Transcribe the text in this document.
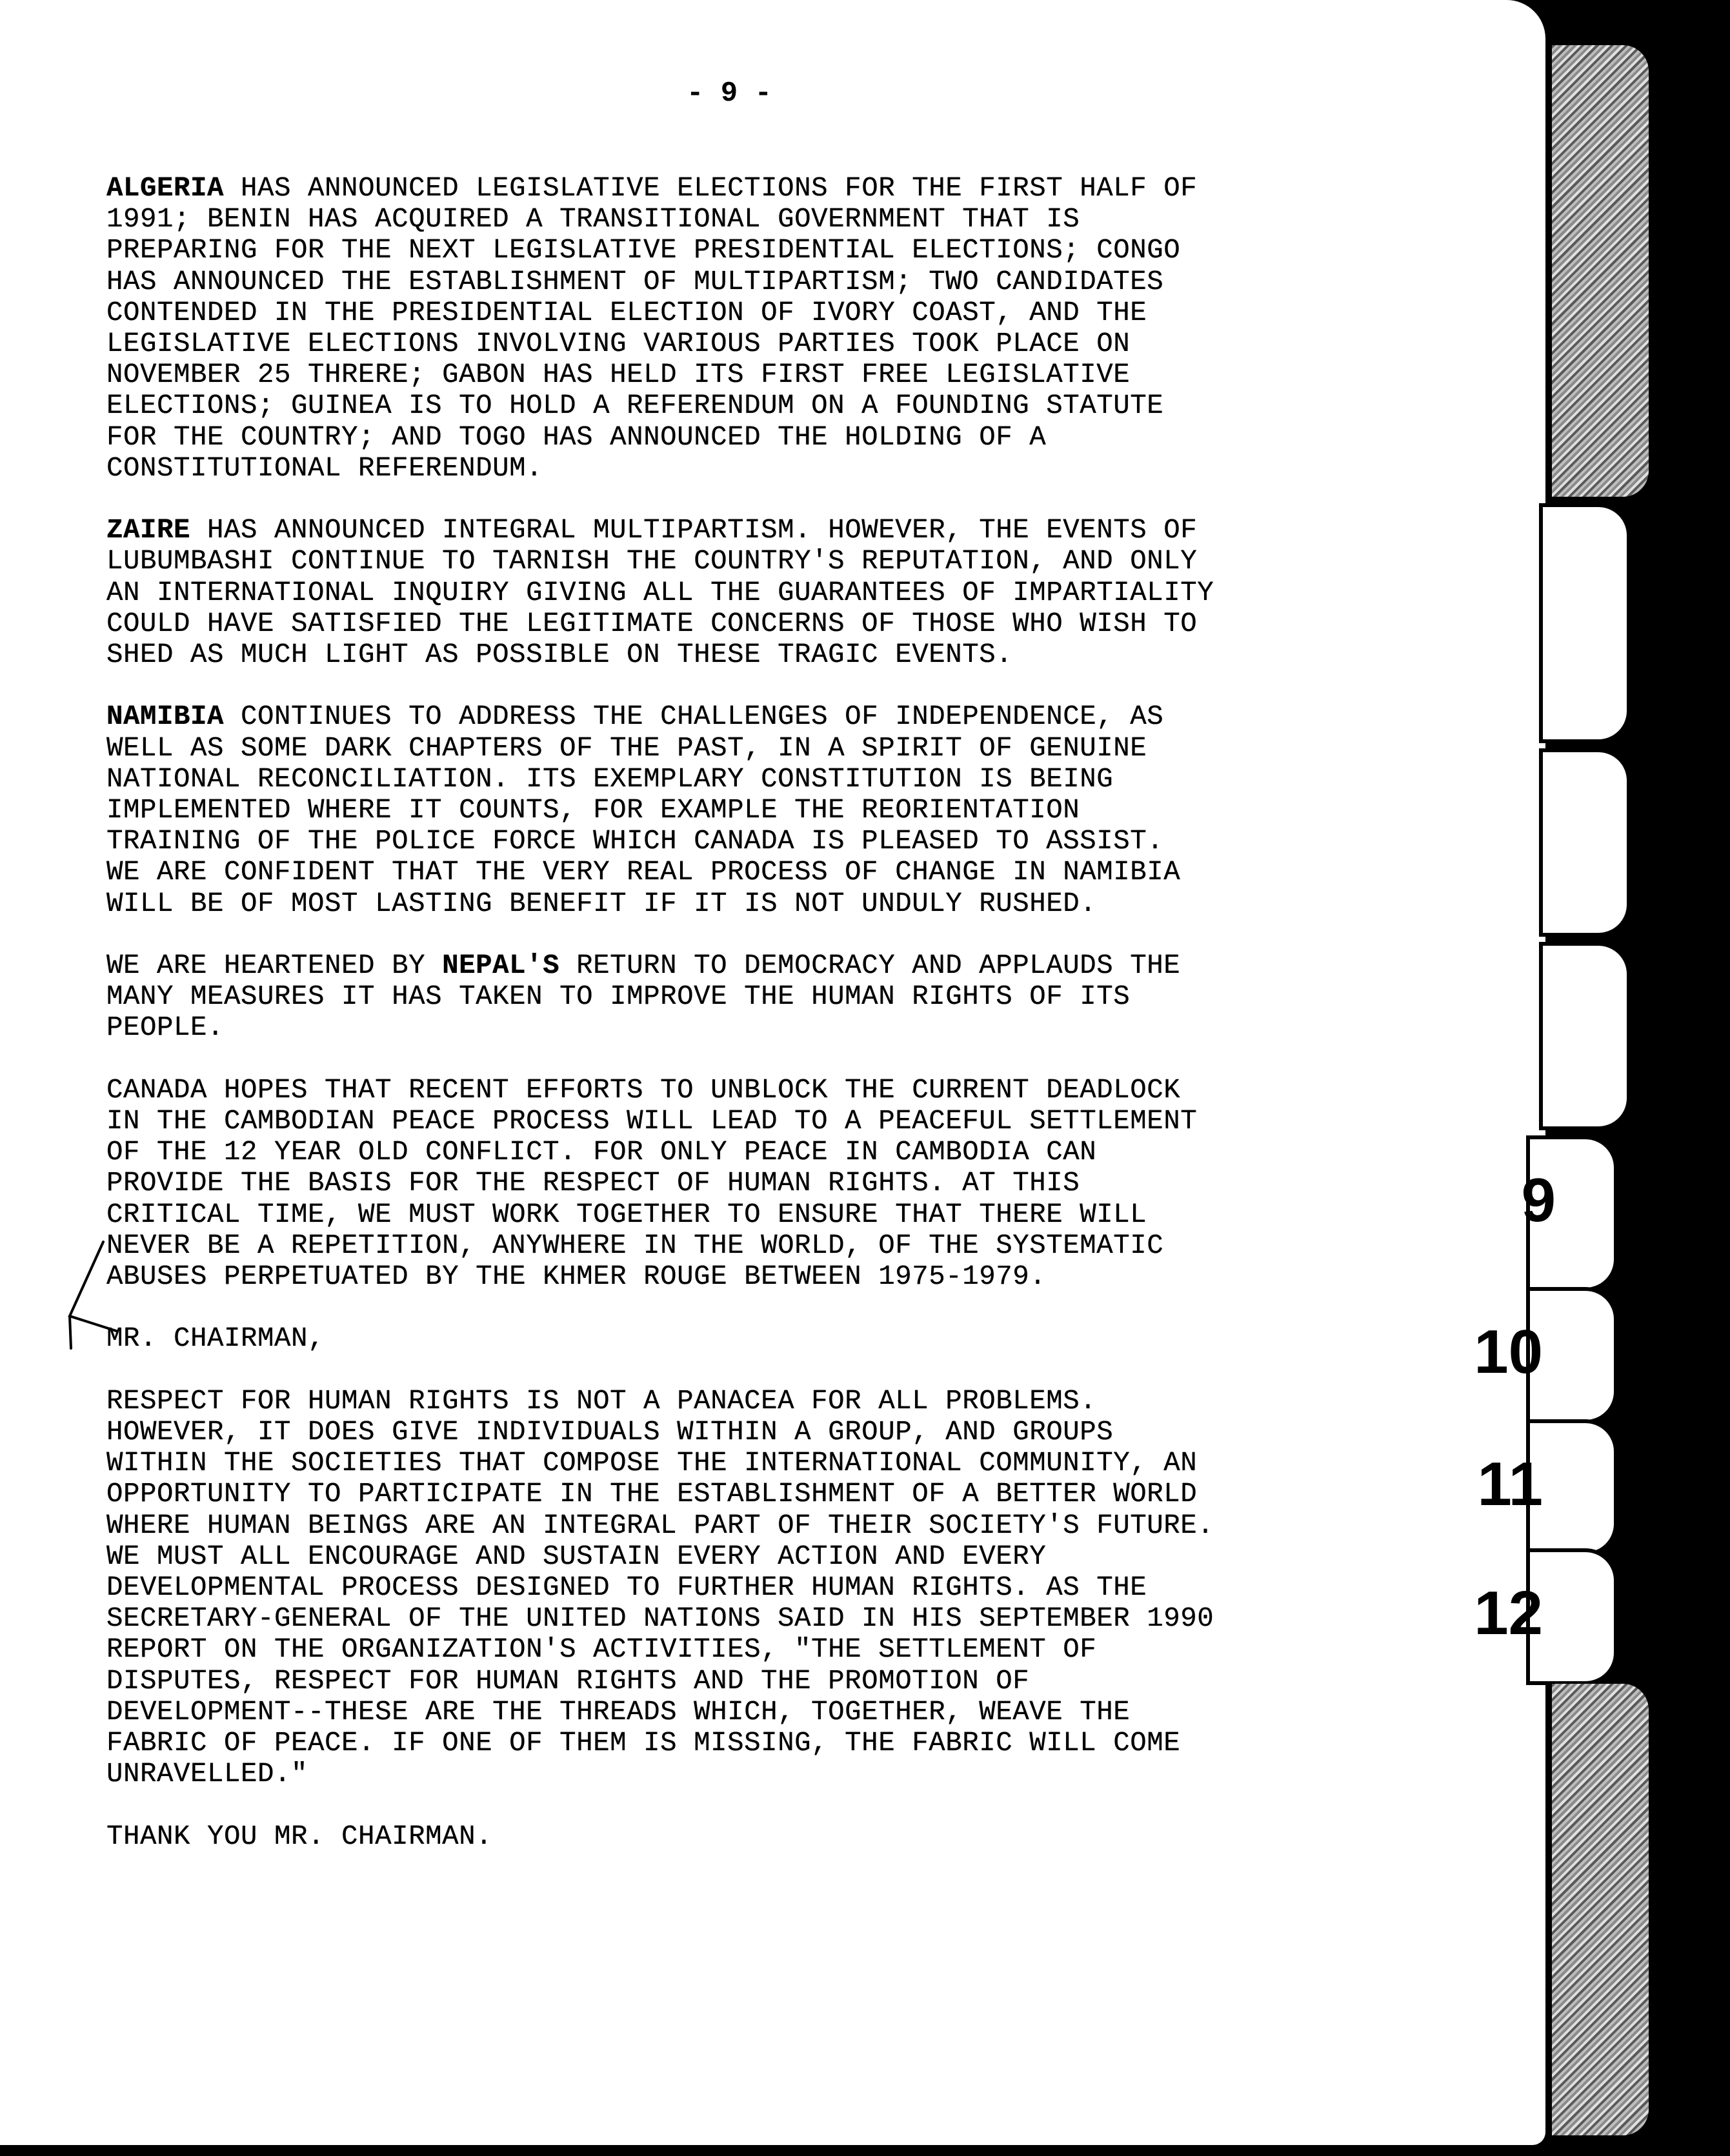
- 9 -

ALGERIA HAS ANNOUNCED LEGISLATIVE ELECTIONS FOR THE FIRST HALF OF
1991; BENIN HAS ACQUIRED A TRANSITIONAL GOVERNMENT THAT IS
PREPARING FOR THE NEXT LEGISLATIVE PRESIDENTIAL ELECTIONS; CONGO
HAS ANNOUNCED THE ESTABLISHMENT OF MULTIPARTISM; TWO CANDIDATES
CONTENDED IN THE PRESIDENTIAL ELECTION OF IVORY COAST, AND THE
LEGISLATIVE ELECTIONS INVOLVING VARIOUS PARTIES TOOK PLACE ON
NOVEMBER 25 THRERE; GABON HAS HELD ITS FIRST FREE LEGISLATIVE
ELECTIONS; GUINEA IS TO HOLD A REFERENDUM ON A FOUNDING STATUTE
FOR THE COUNTRY; AND TOGO HAS ANNOUNCED THE HOLDING OF A
CONSTITUTIONAL REFERENDUM.

ZAIRE HAS ANNOUNCED INTEGRAL MULTIPARTISM. HOWEVER, THE EVENTS OF
LUBUMBASHI CONTINUE TO TARNISH THE COUNTRY'S REPUTATION, AND ONLY
AN INTERNATIONAL INQUIRY GIVING ALL THE GUARANTEES OF IMPARTIALITY
COULD HAVE SATISFIED THE LEGITIMATE CONCERNS OF THOSE WHO WISH TO
SHED AS MUCH LIGHT AS POSSIBLE ON THESE TRAGIC EVENTS.

NAMIBIA CONTINUES TO ADDRESS THE CHALLENGES OF INDEPENDENCE, AS
WELL AS SOME DARK CHAPTERS OF THE PAST, IN A SPIRIT OF GENUINE
NATIONAL RECONCILIATION. ITS EXEMPLARY CONSTITUTION IS BEING
IMPLEMENTED WHERE IT COUNTS, FOR EXAMPLE THE REORIENTATION
TRAINING OF THE POLICE FORCE WHICH CANADA IS PLEASED TO ASSIST.
WE ARE CONFIDENT THAT THE VERY REAL PROCESS OF CHANGE IN NAMIBIA
WILL BE OF MOST LASTING BENEFIT IF IT IS NOT UNDULY RUSHED.

WE ARE HEARTENED BY NEPAL'S RETURN TO DEMOCRACY AND APPLAUDS THE
MANY MEASURES IT HAS TAKEN TO IMPROVE THE HUMAN RIGHTS OF ITS
PEOPLE.

CANADA HOPES THAT RECENT EFFORTS TO UNBLOCK THE CURRENT DEADLOCK
IN THE CAMBODIAN PEACE PROCESS WILL LEAD TO A PEACEFUL SETTLEMENT
OF THE 12 YEAR OLD CONFLICT. FOR ONLY PEACE IN CAMBODIA CAN
PROVIDE THE BASIS FOR THE RESPECT OF HUMAN RIGHTS. AT THIS
CRITICAL TIME, WE MUST WORK TOGETHER TO ENSURE THAT THERE WILL
NEVER BE A REPETITION, ANYWHERE IN THE WORLD, OF THE SYSTEMATIC
ABUSES PERPETUATED BY THE KHMER ROUGE BETWEEN 1975-1979.

MR. CHAIRMAN,

RESPECT FOR HUMAN RIGHTS IS NOT A PANACEA FOR ALL PROBLEMS.
HOWEVER, IT DOES GIVE INDIVIDUALS WITHIN A GROUP, AND GROUPS
WITHIN THE SOCIETIES THAT COMPOSE THE INTERNATIONAL COMMUNITY, AN
OPPORTUNITY TO PARTICIPATE IN THE ESTABLISHMENT OF A BETTER WORLD
WHERE HUMAN BEINGS ARE AN INTEGRAL PART OF THEIR SOCIETY'S FUTURE.
WE MUST ALL ENCOURAGE AND SUSTAIN EVERY ACTION AND EVERY
DEVELOPMENTAL PROCESS DESIGNED TO FURTHER HUMAN RIGHTS. AS THE
SECRETARY-GENERAL OF THE UNITED NATIONS SAID IN HIS SEPTEMBER 1990
REPORT ON THE ORGANIZATION'S ACTIVITIES, "THE SETTLEMENT OF
DISPUTES, RESPECT FOR HUMAN RIGHTS AND THE PROMOTION OF
DEVELOPMENT--THESE ARE THE THREADS WHICH, TOGETHER, WEAVE THE
FABRIC OF PEACE. IF ONE OF THEM IS MISSING, THE FABRIC WILL COME
UNRAVELLED."

THANK YOU MR. CHAIRMAN.

9
10
11
12
